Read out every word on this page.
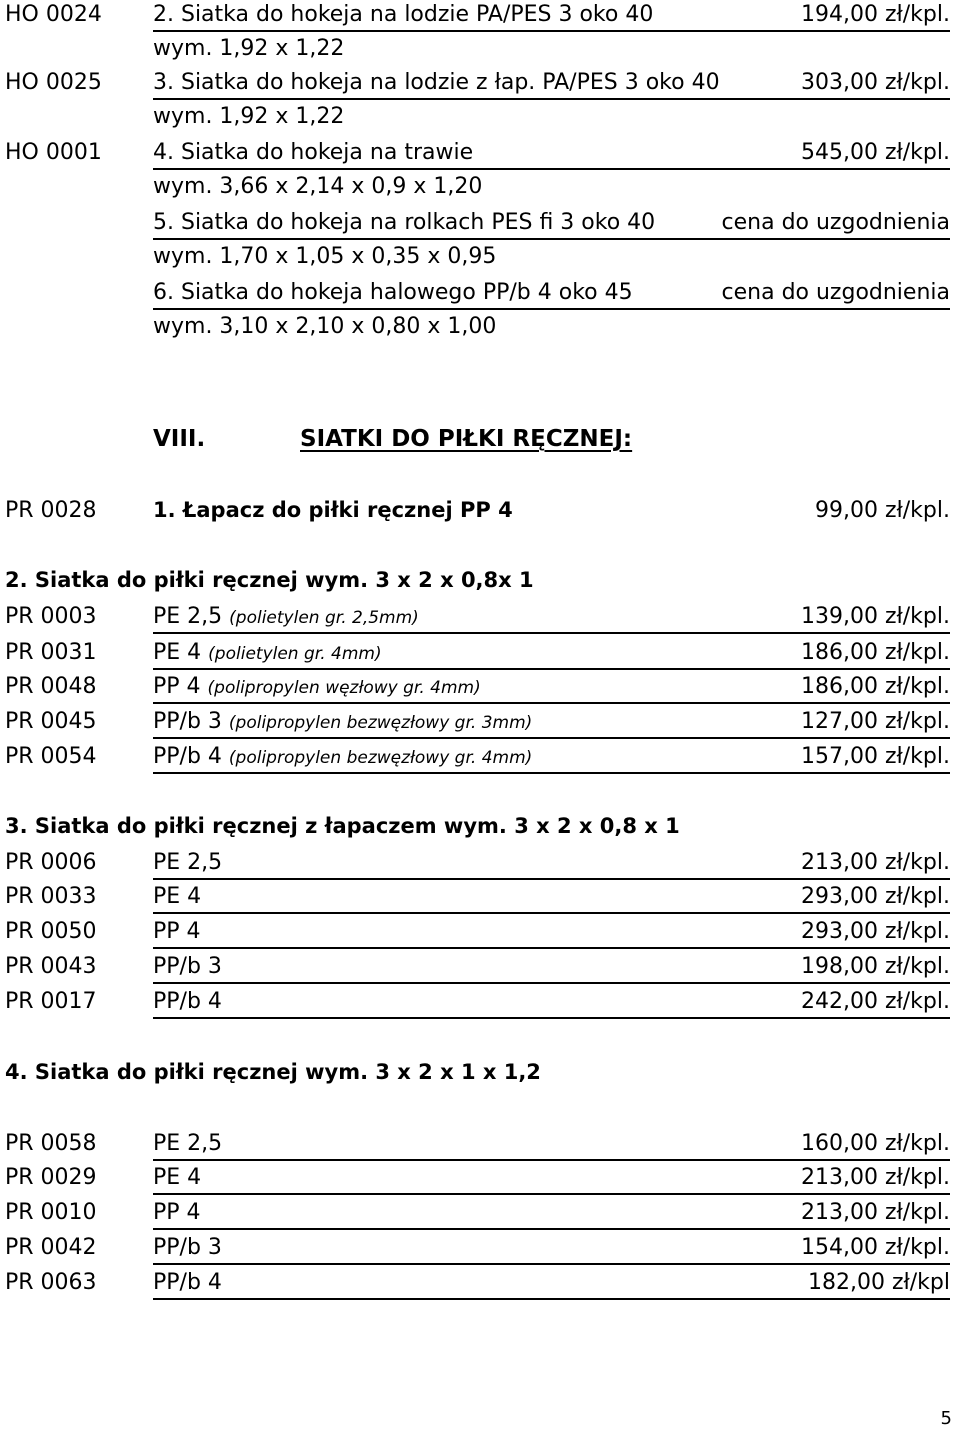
HO 0024 2. Siatka do hokeja na lodzie PA/PES 3 oko 40	194,00 zł/kpl.
wym. 1,92 x 1,22
HO 0025 3. Siatka do hokeja na lodzie z łap. PA/PES 3 oko 40	303,00 zł/kpl.
wym. 1,92 x 1,22
HO 0001 4. Siatka do hokeja na trawie	545,00 zł/kpl.
wym. 3,66 x 2,14 x 0,9 x 1,20
5. Siatka do hokeja na rolkach PES fi 3 oko 40	cena do uzgodnienia
wym. 1,70 x 1,05 x 0,35 x 0,95
6. Siatka do hokeja halowego PP/b 4 oko 45	cena do uzgodnienia
wym. 3,10 x 2,10 x 0,80 x 1,00
VIII.	SIATKI DO PIŁKI RĘCZNEJ:
PR 0028	1. Łapacz do piłki ręcznej PP 4	99,00 zł/kpl.
2. Siatka do piłki ręcznej wym. 3 x 2 x 0,8x 1
PR 0003	PE 2,5 (polietylen gr. 2,5mm)	139,00 zł/kpl.
PR 0031	PE 4 (polietylen gr. 4mm)	186,00 zł/kpl.
PR 0048	PP 4 (polipropylen węzłowy gr. 4mm)	186,00 zł/kpl.
PR 0045	PP/b 3 (polipropylen bezwęzłowy gr. 3mm)	127,00 zł/kpl.
PR 0054	PP/b 4 (polipropylen bezwęzłowy gr. 4mm)	157,00 zł/kpl.
3. Siatka do piłki ręcznej z łapaczem wym. 3 x 2 x 0,8 x 1
PR 0006	PE 2,5	213,00 zł/kpl.
PR 0033	PE 4	293,00 zł/kpl.
PR 0050	PP 4	293,00 zł/kpl.
PR 0043	PP/b 3	198,00 zł/kpl.
PR 0017	PP/b 4	242,00 zł/kpl.
4. Siatka do piłki ręcznej wym. 3 x 2 x 1 x 1,2
PR 0058	PE 2,5	160,00 zł/kpl.
PR 0029	PE 4	213,00 zł/kpl.
PR 0010	PP 4	213,00 zł/kpl.
PR 0042	PP/b 3	154,00 zł/kpl.
PR 0063	PP/b 4	182,00 zł/kpl
5
